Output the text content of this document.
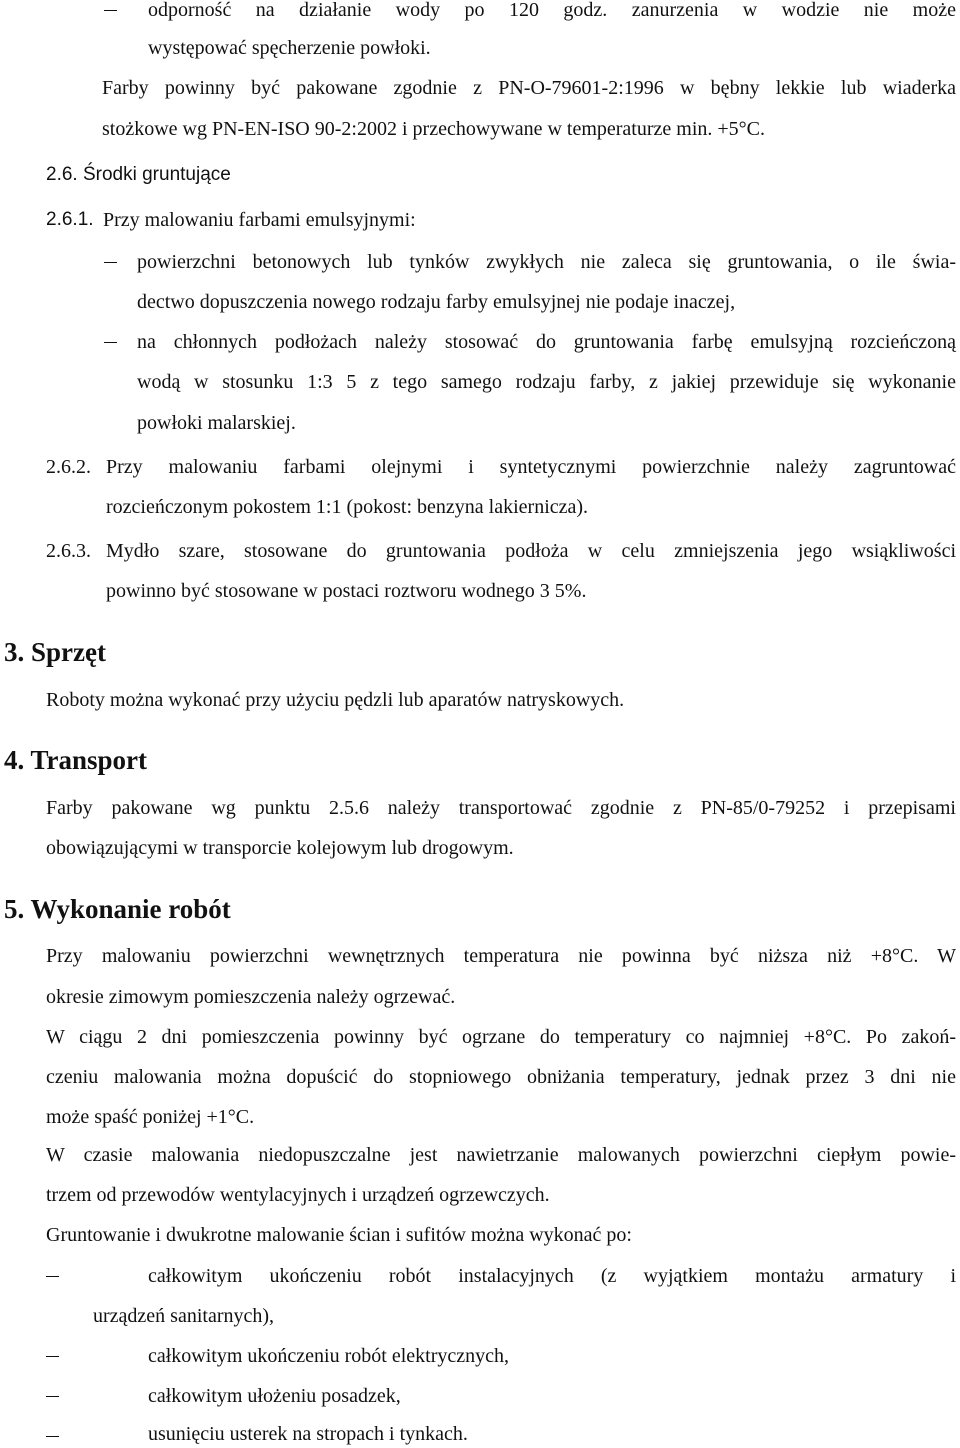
odporność na działanie wody po 120 godz. zanurzenia w wodzie nie może

występować spęcherzenie powłoki.

Farby powinny być pakowane zgodnie z PN-O-79601-2:1996 w bębny lekkie lub wiaderka

stożkowe wg PN-EN-ISO 90-2:2002 i przechowywane w temperaturze min. +5°C.

2.6. Środki gruntujące

2.6.1. Przy malowaniu farbami emulsyjnymi:

powierzchni betonowych lub tynków zwykłych nie zaleca się gruntowania, o ile świa-

dectwo dopuszczenia nowego rodzaju farby emulsyjnej nie podaje inaczej,

na chłonnych podłożach należy stosować do gruntowania farbę emulsyjną rozcieńczoną

wodą w stosunku 1:3 5 z tego samego rodzaju farby, z jakiej przewiduje się wykonanie

powłoki malarskiej.

2.6.2. Przy malowaniu farbami olejnymi i syntetycznymi powierzchnie należy zagruntować

rozcieńczonym pokostem 1:1 (pokost: benzyna lakiernicza).

2.6.3. Mydło szare, stosowane do gruntowania podłoża w celu zmniejszenia jego wsiąkliwości

powinno być stosowane w postaci roztworu wodnego 3 5%.

3. Sprzęt

Roboty można wykonać przy użyciu pędzli lub aparatów natryskowych.

4. Transport

Farby pakowane wg punktu 2.5.6 należy transportować zgodnie z PN-85/0-79252 i przepisami

obowiązującymi w transporcie kolejowym lub drogowym.

5. Wykonanie robót

Przy malowaniu powierzchni wewnętrznych temperatura nie powinna być niższa niż +8°C. W

okresie zimowym pomieszczenia należy ogrzewać.

W ciągu 2 dni pomieszczenia powinny być ogrzane do temperatury co najmniej +8°C. Po zakoń-

czeniu malowania można dopuścić do stopniowego obniżania temperatury, jednak przez 3 dni nie

może spaść poniżej +1°C.

W czasie malowania niedopuszczalne jest nawietrzanie malowanych powierzchni ciepłym powie-

trzem od przewodów wentylacyjnych i urządzeń ogrzewczych.

Gruntowanie i dwukrotne malowanie ścian i sufitów można wykonać po:

całkowitym ukończeniu robót instalacyjnych (z wyjątkiem montażu armatury i

urządzeń sanitarnych),

całkowitym ukończeniu robót elektrycznych,

całkowitym ułożeniu posadzek,

usunięciu usterek na stropach i tynkach.
